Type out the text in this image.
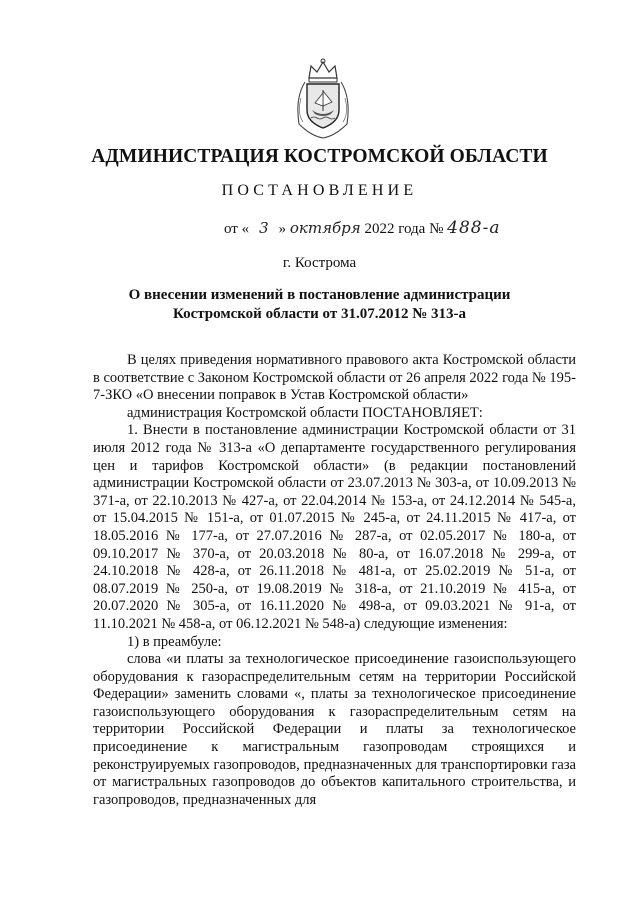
АДМИНИСТРАЦИЯ КОСТРОМСКОЙ ОБЛАСТИ
ПОСТАНОВЛЕНИЕ
от « 3 » октября 2022 года № 488-а
г. Кострома
О внесении изменений в постановление администрации
Костромской области от 31.07.2012 № 313-а

В целях приведения нормативного правового акта Костромской области в соответствие с Законом Костромской области от 26 апреля 2022 года № 195-7-ЗКО «О внесении поправок в Устав Костромской области»

администрация Костромской области ПОСТАНОВЛЯЕТ:

1. Внести в постановление администрации Костромской области от 31 июля 2012 года № 313-а «О департаменте государственного регулирования цен и тарифов Костромской области» (в редакции постановлений администрации Костромской области от 23.07.2013 № 303-а, от 10.09.2013 № 371-а, от 22.10.2013 № 427-а, от 22.04.2014 № 153-а, от 24.12.2014 № 545-а, от 15.04.2015 № 151-а, от 01.07.2015 № 245-а, от 24.11.2015 № 417-а, от 18.05.2016 № 177-а, от 27.07.2016 № 287-а, от 02.05.2017 № 180-а, от 09.10.2017 № 370-а, от 20.03.2018 № 80-а, от 16.07.2018 № 299-а, от 24.10.2018 № 428-а, от 26.11.2018 № 481-а, от 25.02.2019 № 51-а, от 08.07.2019 № 250-а, от 19.08.2019 № 318-а, от 21.10.2019 № 415-а, от 20.07.2020 № 305-а, от 16.11.2020 № 498-а, от 09.03.2021 № 91-а, от 11.10.2021 № 458-а, от 06.12.2021 № 548-а) следующие изменения:

1) в преамбуле:

слова «и платы за технологическое присоединение газоиспользующего оборудования к газораспределительным сетям на территории Российской Федерации» заменить словами «, платы за технологическое присоединение газоиспользующего оборудования к газораспределительным сетям на территории Российской Федерации и платы за технологическое присоединение к магистральным газопроводам строящихся и реконструируемых газопроводов, предназначенных для транспортировки газа от магистральных газопроводов до объектов капитального строительства, и газопроводов, предназначенных для
